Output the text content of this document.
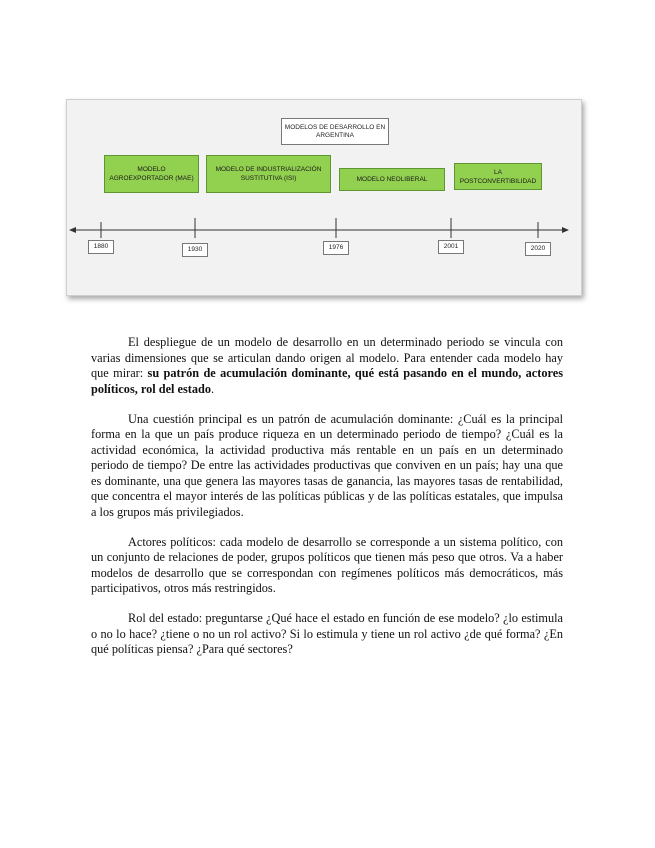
MODELOS DE DESARROLLO EN ARGENTINA
MODELO AGROEXPORTADOR (MAE)
MODELO DE INDUSTRIALIZACIÓN SUSTITUTIVA (ISI)	MODELO NEOLIBERAL
LA POSTCONVERTIBILIDAD
1880	1930	1976	2001	2020

El despliegue de un modelo de desarrollo en un determinado periodo se vincula con varias dimensiones que se articulan dando origen al modelo. Para entender cada modelo hay que mirar: su patrón de acumulación dominante, qué está pasando en el mundo, actores políticos, rol del estado.

Una cuestión principal es un patrón de acumulación dominante: ¿Cuál es la principal forma en la que un país produce riqueza en un determinado periodo de tiempo? ¿Cuál es la actividad económica, la actividad productiva más rentable en un país en un determinado periodo de tiempo? De entre las actividades productivas que conviven en un país; hay una que es dominante, una que genera las mayores tasas de ganancia, las mayores tasas de rentabilidad, que concentra el mayor interés de las políticas públicas y de las políticas estatales, que impulsa a los grupos más privilegiados.

Actores políticos: cada modelo de desarrollo se corresponde a un sistema político, con un conjunto de relaciones de poder, grupos políticos que tienen más peso que otros. Va a haber modelos de desarrollo que se correspondan con regímenes políticos más democráticos, más participativos, otros más restringidos.

Rol del estado: preguntarse ¿Qué hace el estado en función de ese modelo? ¿lo estimula o no lo hace? ¿tiene o no un rol activo? Si lo estimula y tiene un rol activo ¿de qué forma? ¿En qué políticas piensa? ¿Para qué sectores?
